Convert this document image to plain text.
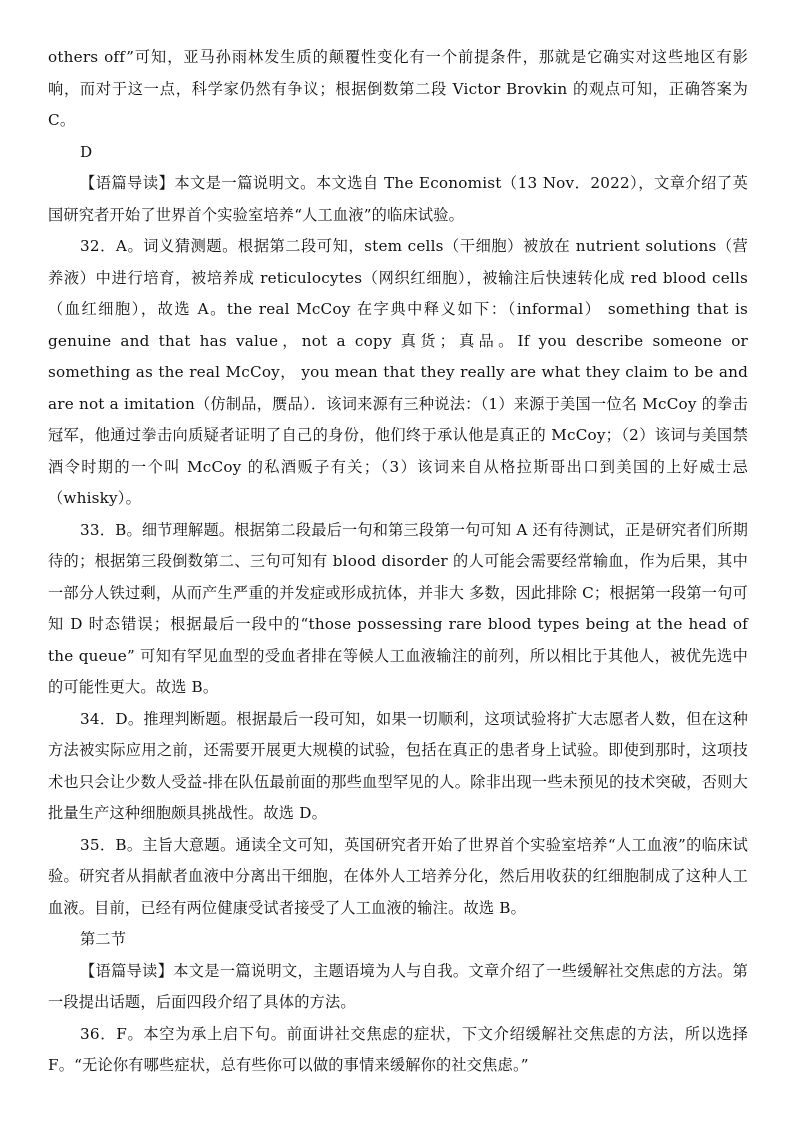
others off”可知，亚马孙雨林发生质的颠覆性变化有一个前提条件，那就是它确实对这些地区有影响，而对于这一点，科学家仍然有争议；根据倒数第二段 Victor Brovkin 的观点可知，正确答案为C。

D

【语篇导读】本文是一篇说明文。本文选自 The Economist（13 Nov．2022），文章介绍了英国研究者开始了世界首个实验室培养“人工血液”的临床试验。

32．A。词义猜测题。根据第二段可知，stem cells（干细胞）被放在 nutrient solutions（营养液）中进行培育，被培养成 reticulocytes（网织红细胞），被输注后快速转化成 red blood cells（血红细胞），故选 A。the real McCoy 在字典中释义如下：（informal） something that is genuine and that has value，not a copy 真货；真品。If you describe someone or something as the real McCoy， you mean that they really are what they claim to be and are not a imitation（仿制品，赝品）．该词来源有三种说法：（1）来源于美国一位名 McCoy 的拳击冠军，他通过拳击向质疑者证明了自己的身份，他们终于承认他是真正的 McCoy；（2）该词与美国禁酒令时期的一个叫 McCoy 的私酒贩子有关；（3）该词来自从格拉斯哥出口到美国的上好威士忌（whisky）。

33．B。细节理解题。根据第二段最后一句和第三段第一句可知 A 还有待测试，正是研究者们所期待的；根据第三段倒数第二、三句可知有 blood disorder 的人可能会需要经常输血，作为后果，其中一部分人铁过剩，从而产生严重的并发症或形成抗体，并非大 多数，因此排除 C；根据第一段第一句可知 D 时态错误；根据最后一段中的“those possessing rare blood types being at the head of the queue” 可知有罕见血型的受血者排在等候人工血液输注的前列，所以相比于其他人，被优先选中的可能性更大。故选 B。

34．D。推理判断题。根据最后一段可知，如果一切顺利，这项试验将扩大志愿者人数，但在这种方法被实际应用之前，还需要开展更大规模的试验，包括在真正的患者身上试验。即使到那时，这项技术也只会让少数人受益-排在队伍最前面的那些血型罕见的人。除非出现一些未预见的技术突破，否则大批量生产这种细胞颇具挑战性。故选 D。

35．B。主旨大意题。通读全文可知，英国研究者开始了世界首个实验室培养“人工血液”的临床试验。研究者从捐献者血液中分离出干细胞，在体外人工培养分化，然后用收获的红细胞制成了这种人工血液。目前，已经有两位健康受试者接受了人工血液的输注。故选 B。

第二节

【语篇导读】本文是一篇说明文，主题语境为人与自我。文章介绍了一些缓解社交焦虑的方法。第一段提出话题，后面四段介绍了具体的方法。

36．F。本空为承上启下句。前面讲社交焦虑的症状，下文介绍缓解社交焦虑的方法，所以选择F。“无论你有哪些症状，总有些你可以做的事情来缓解你的社交焦虑。”
